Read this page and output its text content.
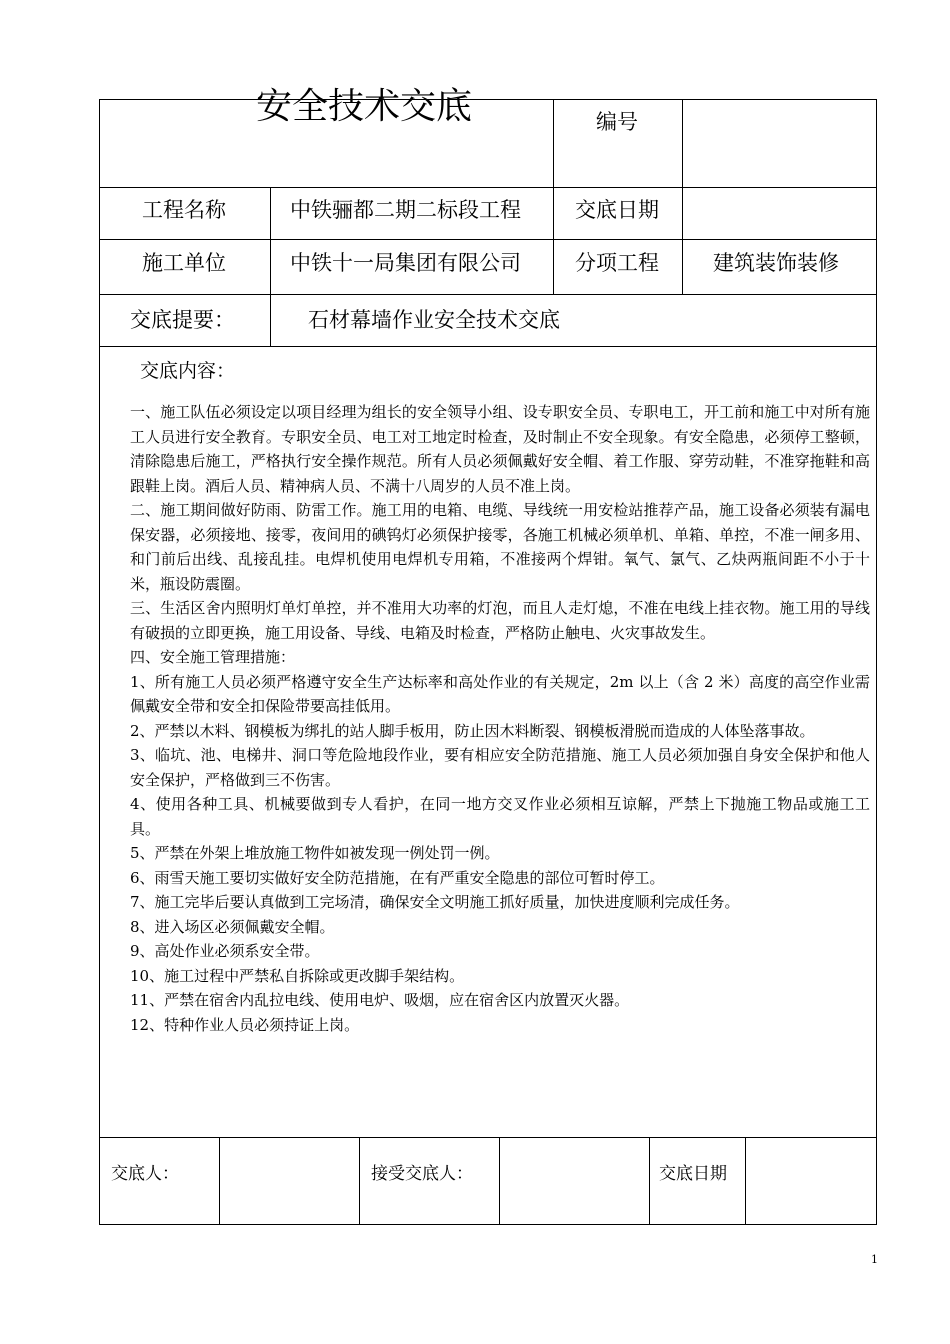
安全技术交底	编号
工程名称	中铁骊都二期二标段工程	交底日期
施工单位	中铁十一局集团有限公司	分项工程	建筑装饰装修
交底提要：	石材幕墙作业安全技术交底
交底内容：

一、施工队伍必须设定以项目经理为组长的安全领导小组、设专职安全员、专职电工，开工前和施工中对所有施工人员进行安全教育。专职安全员、电工对工地定时检查，及时制止不安全现象。有安全隐患，必须停工整顿，清除隐患后施工，严格执行安全操作规范。所有人员必须佩戴好安全帽、着工作服、穿劳动鞋，不准穿拖鞋和高跟鞋上岗。酒后人员、精神病人员、不满十八周岁的人员不准上岗。

二、施工期间做好防雨、防雷工作。施工用的电箱、电缆、导线统一用安检站推荐产品，施工设备必须装有漏电保安器，必须接地、接零，夜间用的碘钨灯必须保护接零，各施工机械必须单机、单箱、单控，不准一闸多用、和门前后出线、乱接乱挂。电焊机使用电焊机专用箱，不准接两个焊钳。氧气、氯气、乙炔两瓶间距不小于十米，瓶设防震圈。

三、生活区舍内照明灯单灯单控，并不准用大功率的灯泡，而且人走灯熄，不准在电线上挂衣物。施工用的导线有破损的立即更换，施工用设备、导线、电箱及时检查，严格防止触电、火灾事故发生。

四、安全施工管理措施：

1、所有施工人员必须严格遵守安全生产达标率和高处作业的有关规定，2m 以上（含 2 米）高度的高空作业需佩戴安全带和安全扣保险带要高挂低用。

2、严禁以木料、钢模板为绑扎的站人脚手板用，防止因木料断裂、钢模板滑脱而造成的人体坠落事故。

3、临坑、池、电梯井、洞口等危险地段作业，要有相应安全防范措施、施工人员必须加强自身安全保护和他人安全保护，严格做到三不伤害。

4、使用各种工具、机械要做到专人看护，在同一地方交叉作业必须相互谅解，严禁上下抛施工物品或施工工具。

5、严禁在外架上堆放施工物件如被发现一例处罚一例。

6、雨雪天施工要切实做好安全防范措施，在有严重安全隐患的部位可暂时停工。

7、施工完毕后要认真做到工完场清，确保安全文明施工抓好质量，加快进度顺利完成任务。

8、进入场区必须佩戴安全帽。

9、高处作业必须系安全带。

10、施工过程中严禁私自拆除或更改脚手架结构。

11、严禁在宿舍内乱拉电线、使用电炉、吸烟，应在宿舍区内放置灭火器。

12、特种作业人员必须持证上岗。

交底人：	接受交底人：	交底日期
1
